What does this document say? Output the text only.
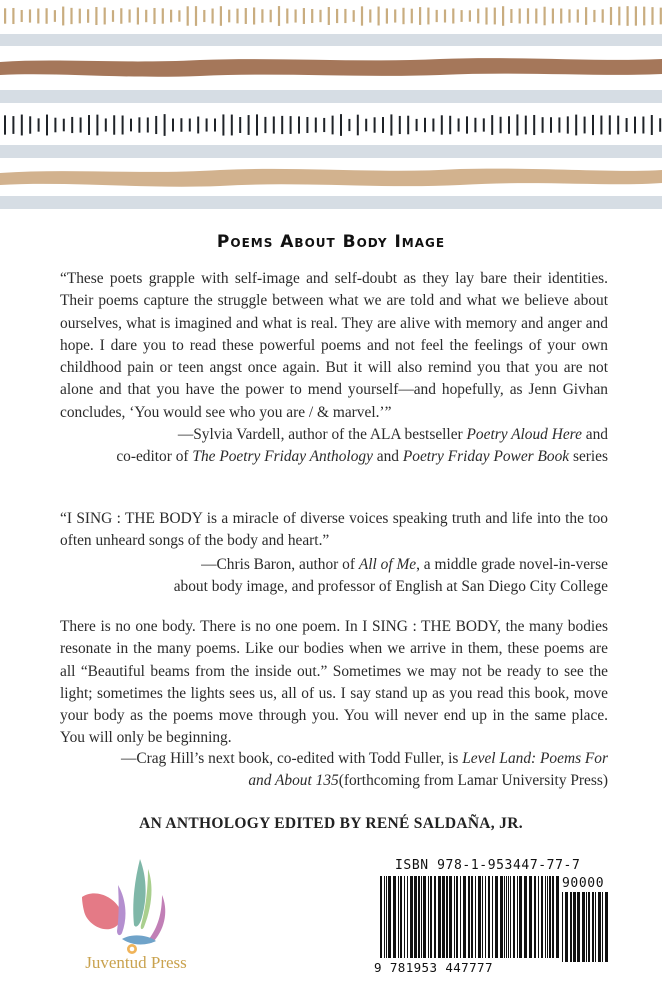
Poems About Body Image

“These poets grapple with self-image and self-doubt as they lay bare their identities. Their poems capture the struggle between what we are told and what we believe about ourselves, what is imagined and what is real. They are alive with memory and anger and hope. I dare you to read these powerful poems and not feel the feelings of your own childhood pain or teen angst once again. But it will also remind you that you are not alone and that you have the power to mend yourself—and hopefully, as Jenn Givhan concludes, ‘You would see who you are / & marvel.’”

—Sylvia Vardell, author of the ALA bestseller Poetry Aloud Here and
co-editor of The Poetry Friday Anthology and Poetry Friday Power Book series

“I SING : THE BODY is a miracle of diverse voices speaking truth and life into the too often unheard songs of the body and heart.”

—Chris Baron, author of All of Me, a middle grade novel-in-verse
about body image, and professor of English at San Diego City College

There is no one body. There is no one poem. In I SING : THE BODY, the many bodies resonate in the many poems. Like our bodies when we arrive in them, these poems are all “Beautiful beams from the inside out.” Sometimes we may not be ready to see the light; sometimes the lights sees us, all of us. I say stand up as you read this book, move your body as the poems move through you. You will never end up in the same place. You will only be beginning.

—Crag Hill’s next book, co-edited with Todd Fuller, is Level Land: Poems For
and About 135(forthcoming from Lamar University Press)

AN ANTHOLOGY EDITED BY RENÉ SALDAÑA, JR.
Juventud Press
ISBN 978-1-953447-77-7
90000
9 781953 447777
